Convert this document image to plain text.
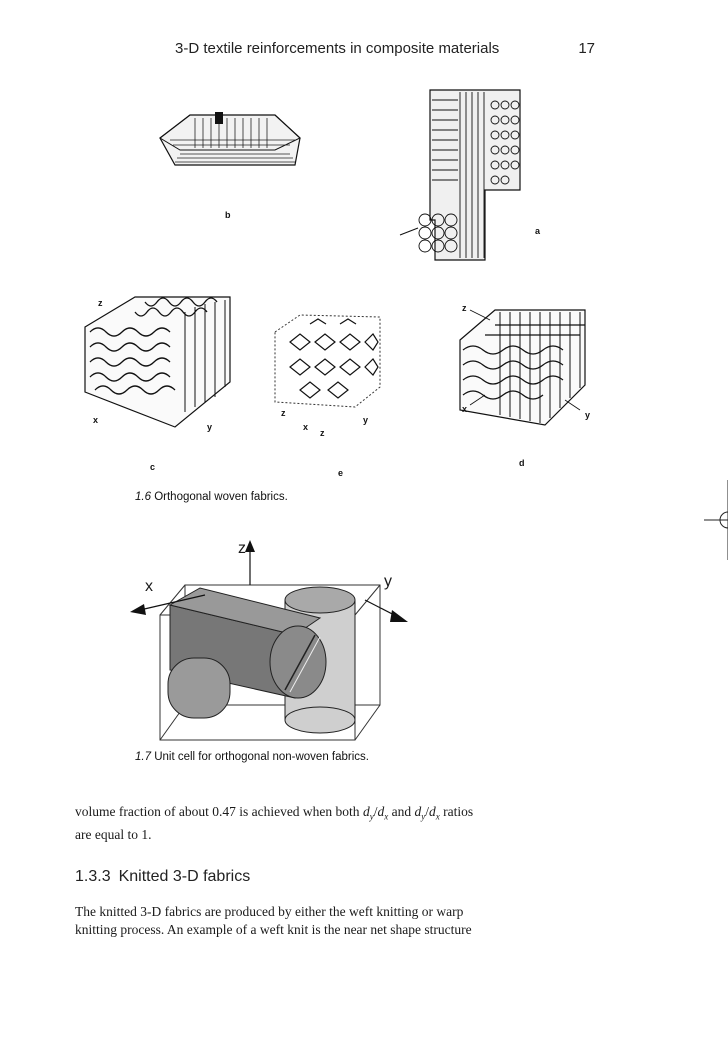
3-D textile reinforcements in composite materials	17
b
a
z
x
y
c
z
x
z
y
e
z
x
y
d
1.6 Orthogonal woven fabrics.
z
x	y
1.7 Unit cell for orthogonal non-woven fabrics.
volume fraction of about 0.47 is achieved when both $d_y/d_x$ and $d_y/d_x$ ratios
are equal to 1.
1.3.3 Knitted 3-D fabrics
The knitted 3-D fabrics are produced by either the weft knitting or warp
knitting process. An example of a weft knit is the near net shape structure
